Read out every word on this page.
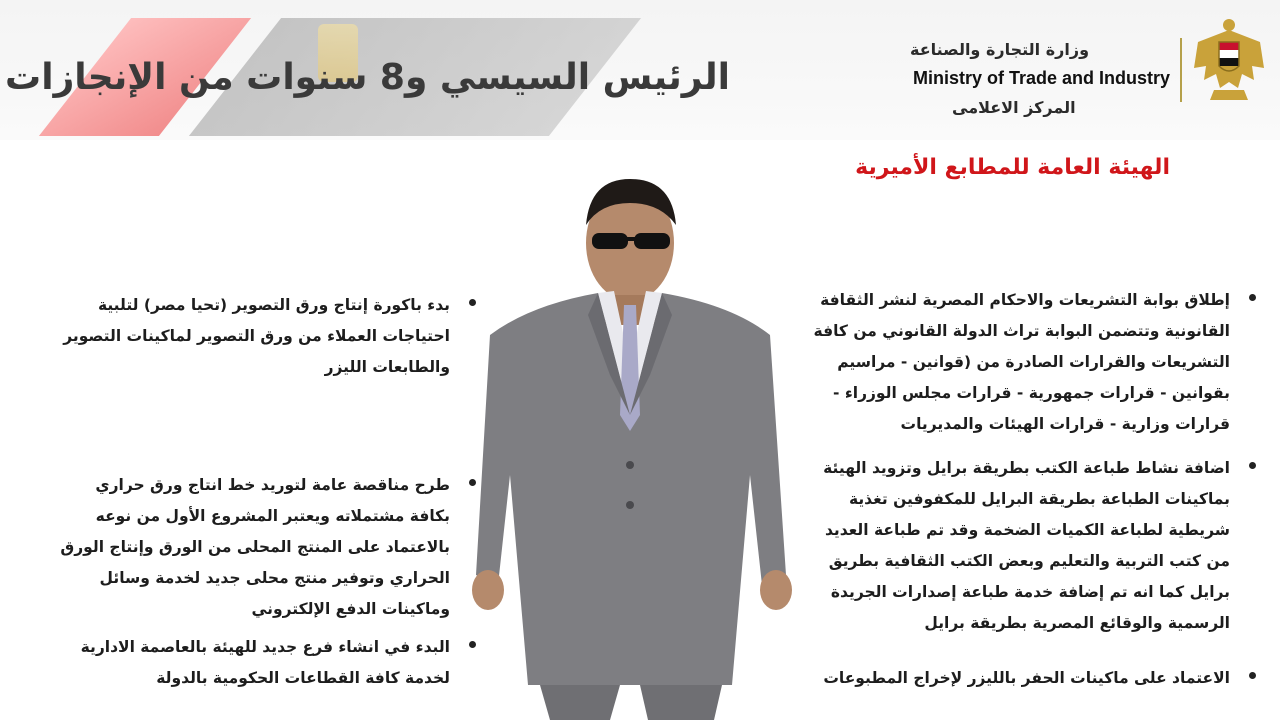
الرئيس السيسي و8 سنوات من الإنجازات
وزارة التجارة والصناعة
Ministry of Trade and Industry
المركز الاعلامى
الهيئة العامة للمطابع الأميرية
إطلاق بوابة التشريعات والاحكام المصرية لنشر الثقافة القانونية وتتضمن البوابة تراث الدولة القانوني من كافة التشريعات والقرارات الصادرة من (قوانين - مراسيم بقوانين - قرارات جمهورية - قرارات مجلس الوزراء - قرارات وزارية - قرارات الهيئات والمديريات
اضافة نشاط طباعة الكتب بطريقة برايل وتزويد الهيئة بماكينات الطباعة بطريقة البرايل للمكفوفين تغذية شريطية لطباعة الكميات الضخمة وقد تم طباعة العديد من كتب التربية والتعليم وبعض الكتب الثقافية بطريق برايل كما انه تم إضافة خدمة طباعة إصدارات الجريدة الرسمية والوقائع المصرية بطريقة برايل
الاعتماد على ماكينات الحفر بالليزر لإخراج المطبوعات
بدء باكورة إنتاج ورق التصوير (تحيا مصر) لتلبية احتياجات العملاء من ورق التصوير لماكينات التصوير والطابعات الليزر
طرح مناقصة عامة لتوريد خط انتاج ورق حراري بكافة مشتملاته ويعتبر المشروع الأول من نوعه بالاعتماد على المنتج المحلى من الورق وإنتاج الورق الحراري وتوفير منتج محلى جديد لخدمة وسائل وماكينات الدفع الإلكتروني
البدء في انشاء فرع جديد للهيئة بالعاصمة الادارية لخدمة كافة القطاعات الحكومية بالدولة
